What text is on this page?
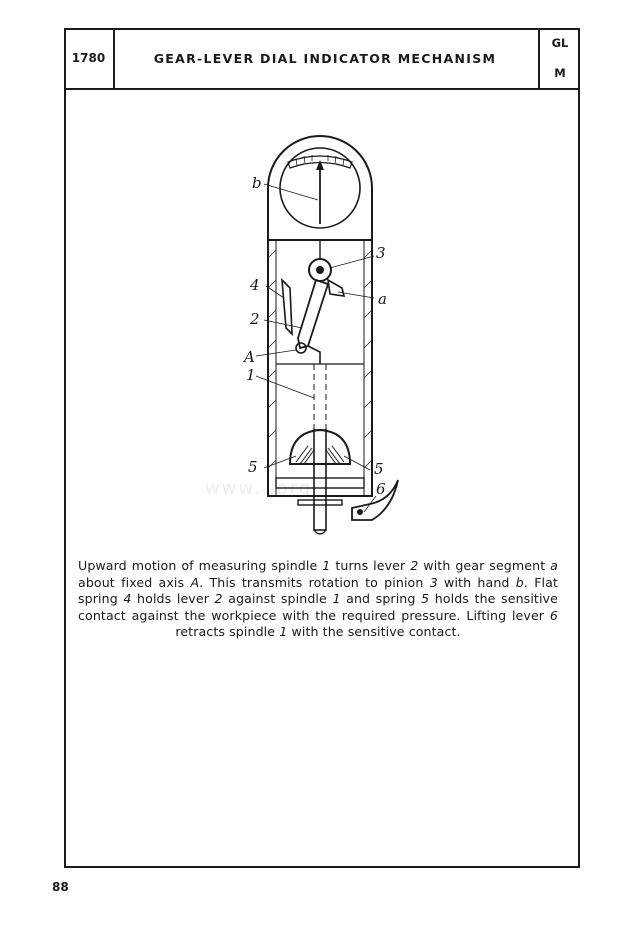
1780	GEAR-LEVER DIAL INDICATOR MECHANISM
GL
M
www. .org
b
3
4
a
2
A
1
5	5
6
Upward motion of measuring spindle 1 turns lever 2 with gear segment a about fixed axis A. This transmits rotation to pinion 3 with hand b. Flat spring 4 holds lever 2 against spindle 1 and spring 5 holds the sensitive contact against the workpiece with the required pressure. Lifting lever 6 retracts spindle 1 with the sensitive contact.
88
